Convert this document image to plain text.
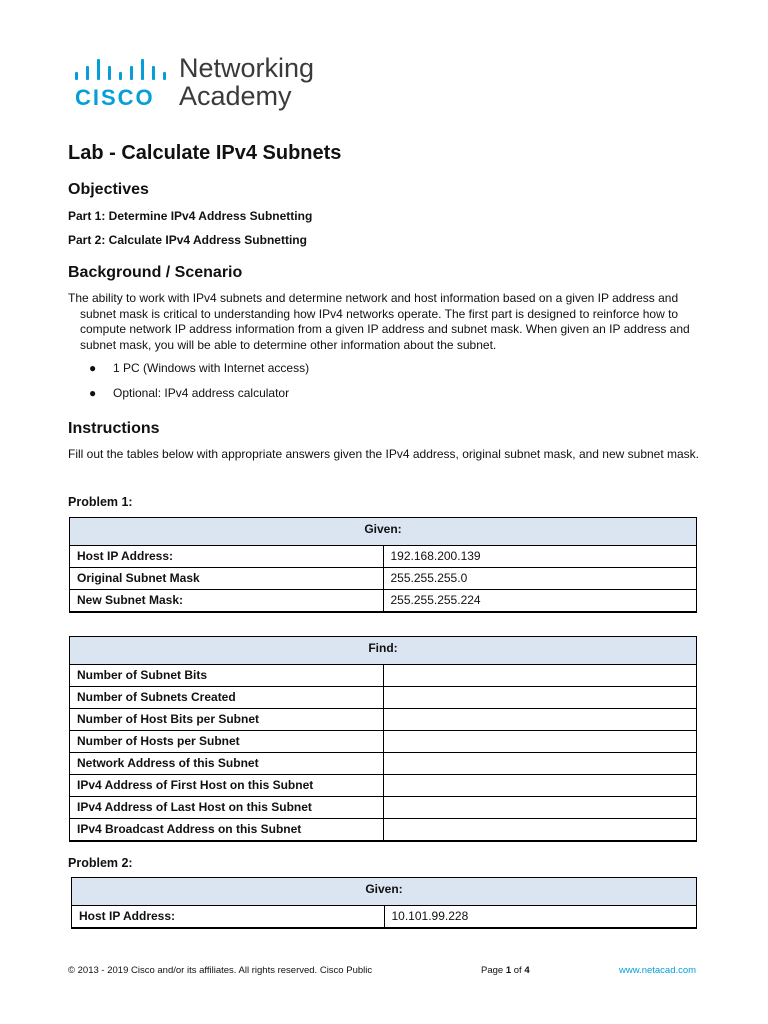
CISCO
Networking
Academy
Lab - Calculate IPv4 Subnets
Objectives

Part 1: Determine IPv4 Address Subnetting

Part 2: Calculate IPv4 Address Subnetting

Background / Scenario

The ability to work with IPv4 subnets and determine network and host information based on a given IP address and subnet mask is critical to understanding how IPv4 networks operate. The first part is designed to reinforce how to compute network IP address information from a given IP address and subnet mask. When given an IP address and subnet mask, you will be able to determine other information about the subnet.

● 1 PC (Windows with Internet access)

● Optional: IPv4 address calculator

Instructions

Fill out the tables below with appropriate answers given the IPv4 address, original subnet mask, and new subnet mask.

Problem 1:

Given:	
Host IP Address:	192.168.200.139
Original Subnet Mask	255.255.255.0
New Subnet Mask:	255.255.255.224
Find:	
Number of Subnet Bits	
Number of Subnets Created	
Number of Host Bits per Subnet	
Number of Hosts per Subnet	
Network Address of this Subnet	
IPv4 Address of First Host on this Subnet	
IPv4 Address of Last Host on this Subnet	
IPv4 Broadcast Address on this Subnet	

Problem 2:

Given:
Host IP Address:	10.101.99.228
© 2013 - 2019 Cisco and/or its affiliates. All rights reserved. Cisco Public	Page 1 of 4	www.netacad.com
